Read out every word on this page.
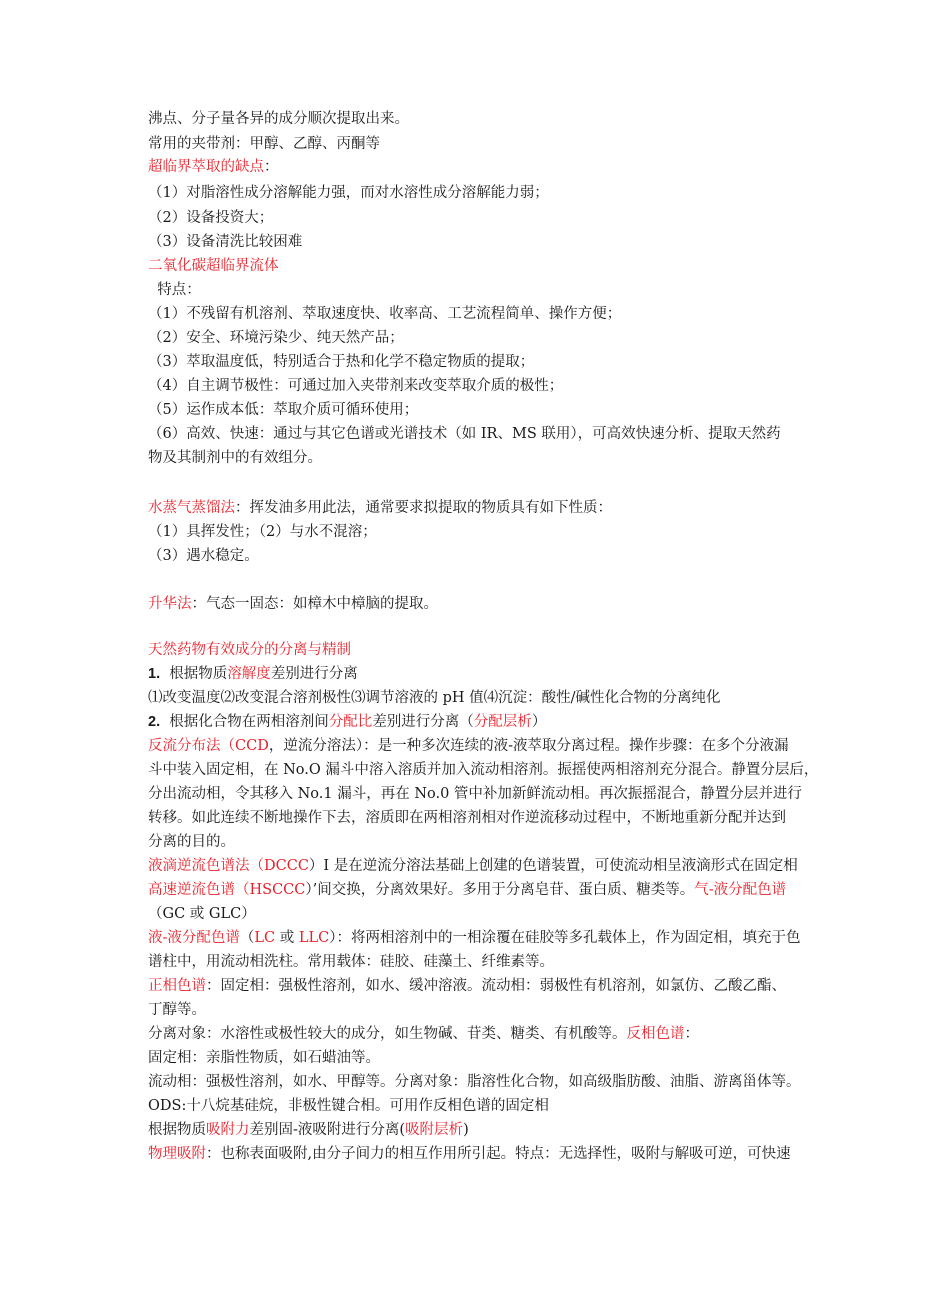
沸点、分子量各异的成分顺次提取出来。
常用的夹带剂：甲醇、乙醇、丙酮等
超临界萃取的缺点：
（1）对脂溶性成分溶解能力强，而对水溶性成分溶解能力弱；
（2）设备投资大；
（3）设备清洗比较困难
二氧化碳超临界流体
特点：
（1）不残留有机溶剂、萃取速度快、收率高、工艺流程简单、操作方便；
（2）安全、环境污染少、纯天然产品；
（3）萃取温度低，特别适合于热和化学不稳定物质的提取；
（4）自主调节极性：可通过加入夹带剂来改变萃取介质的极性；
（5）运作成本低：萃取介质可循环使用；
（6）高效、快速：通过与其它色谱或光谱技术（如 IR、MS 联用），可高效快速分析、提取天然药
物及其制剂中的有效组分。
水蒸气蒸馏法：挥发油多用此法，通常要求拟提取的物质具有如下性质：
（1）具挥发性；（2）与水不混溶；
（3）遇水稳定。
升华法：气态一固态：如樟木中樟脑的提取。
天然药物有效成分的分离与精制
1.  根据物质溶解度差别进行分离
⑴改变温度⑵改变混合溶剂极性⑶调节溶液的 pH 值⑷沉淀：酸性/碱性化合物的分离纯化
2.  根据化合物在两相溶剂间分配比差别进行分离（分配层析）
反流分布法（CCD，逆流分溶法）：是一种多次连续的液-液萃取分离过程。操作步骤：在多个分液漏
斗中装入固定相，在 No.O 漏斗中溶入溶质并加入流动相溶剂。振摇使两相溶剂充分混合。静置分层后，
分出流动相，令其移入 No.1 漏斗，再在 No.0 管中补加新鲜流动相。再次振摇混合，静置分层并进行
转移。如此连续不断地操作下去，溶质即在两相溶剂相对作逆流移动过程中，不断地重新分配并达到
分离的目的。
液滴逆流色谱法（DCCC）I 是在逆流分溶法基础上创建的色谱装置，可使流动相呈液滴形式在固定相
高速逆流色谱（HSCCC）’间交换，分离效果好。多用于分离皂苷、蛋白质、糖类等。气-液分配色谱
（GC 或 GLC）
液-液分配色谱（LC 或 LLC）：将两相溶剂中的一相涂覆在硅胶等多孔载体上，作为固定相，填充于色
谱柱中，用流动相洗柱。常用载体：硅胶、硅藻土、纤维素等。
正相色谱：固定相：强极性溶剂，如水、缓冲溶液。流动相：弱极性有机溶剂，如氯仿、乙酸乙酯、
丁醇等。
分离对象：水溶性或极性较大的成分，如生物碱、苷类、糖类、有机酸等。反相色谱：
固定相：亲脂性物质，如石蜡油等。
流动相：强极性溶剂，如水、甲醇等。分离对象：脂溶性化合物，如高级脂肪酸、油脂、游离甾体等。
ODS:十八烷基硅烷，非极性键合相。可用作反相色谱的固定相
根据物质吸附力差别固-液吸附进行分离(吸附层析)
物理吸附：也称表面吸附,由分子间力的相互作用所引起。特点：无选择性，吸附与解吸可逆，可快速
